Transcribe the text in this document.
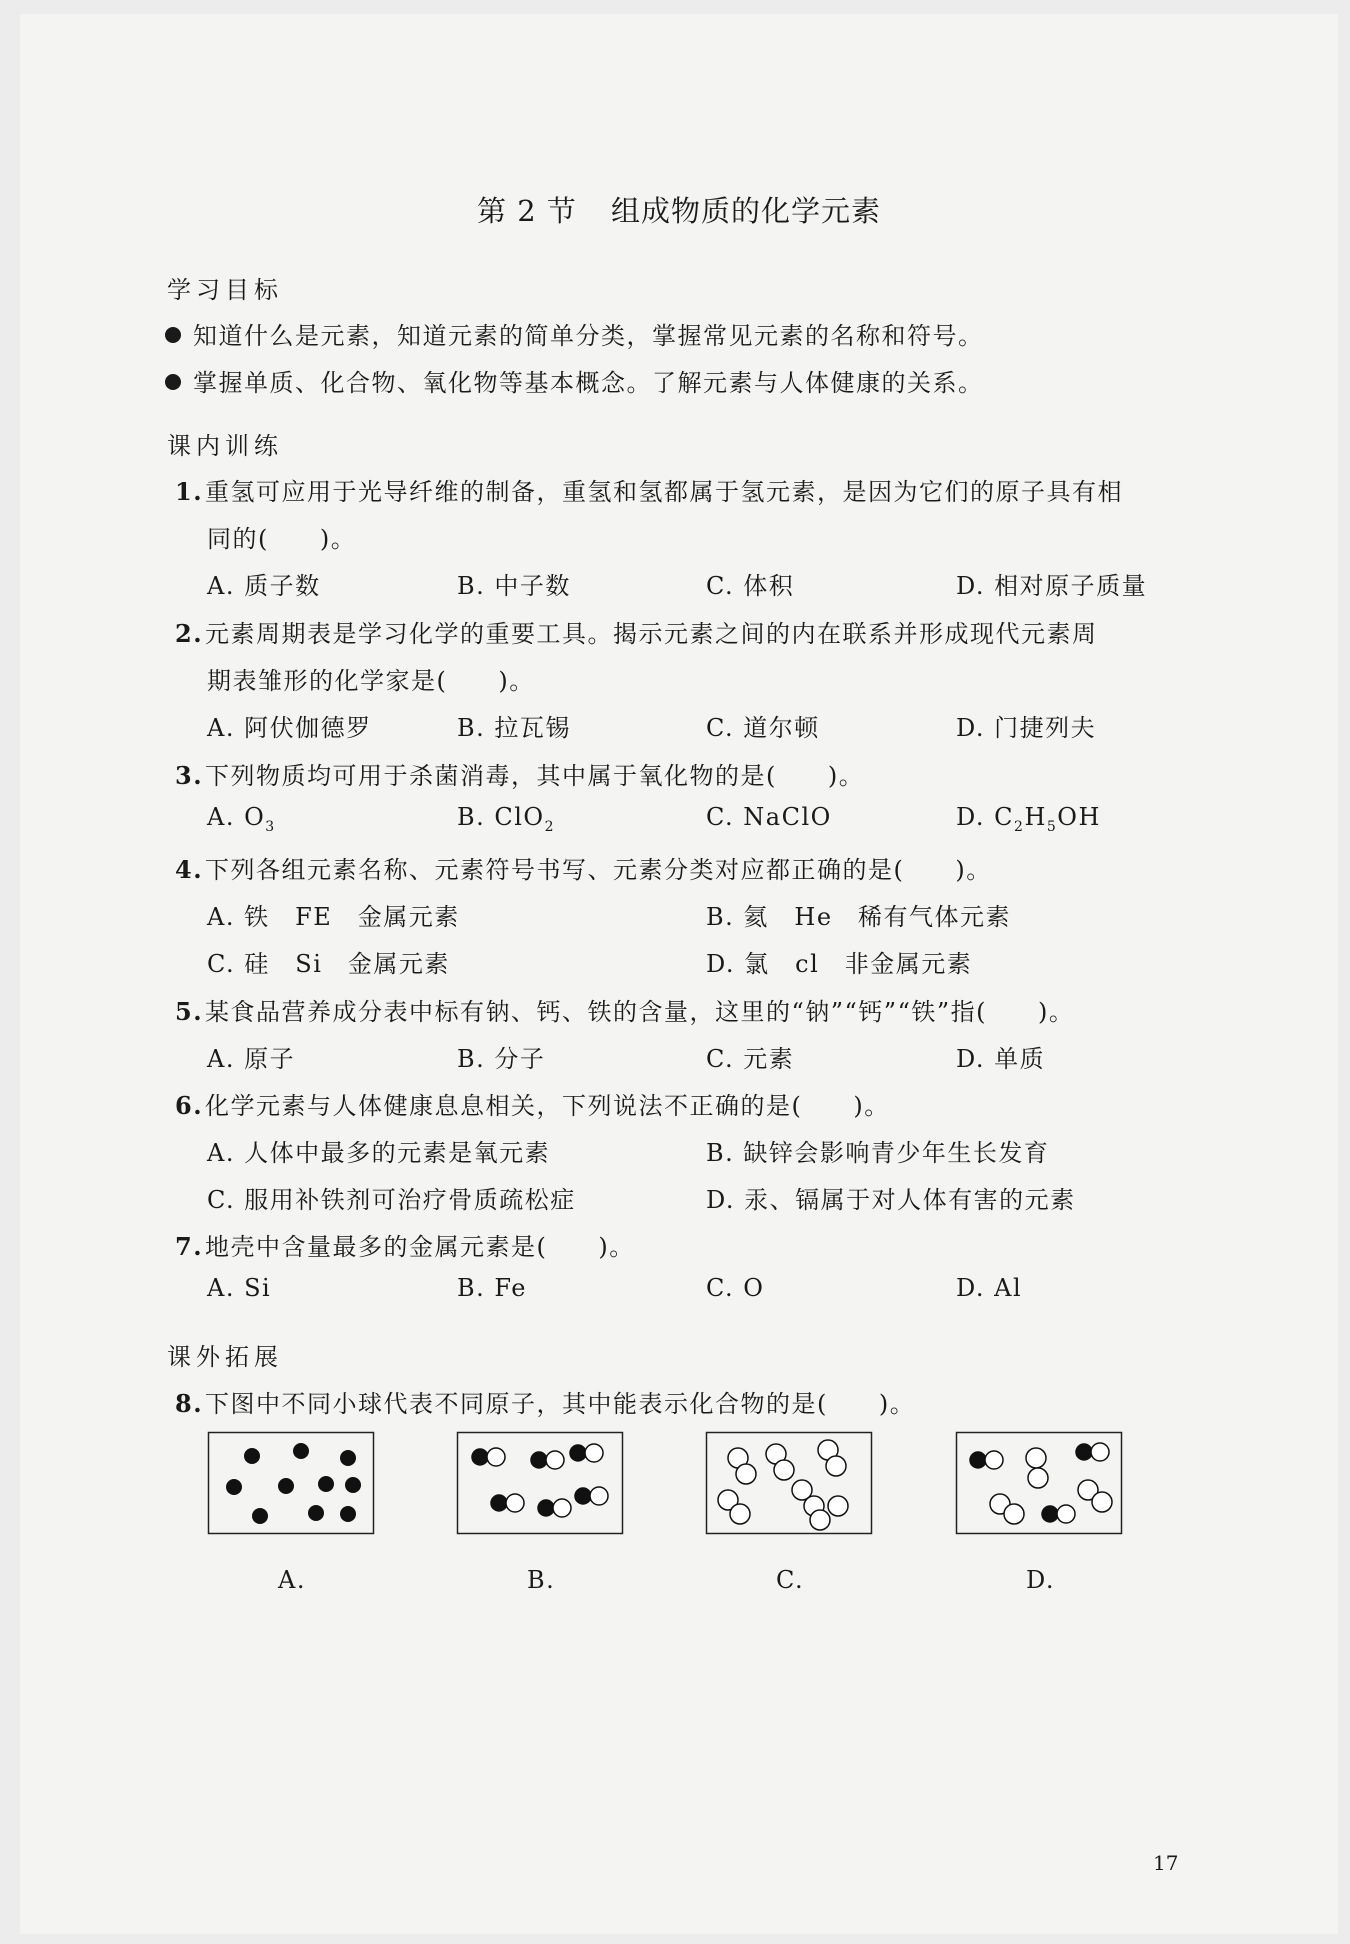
第 2 节 组成物质的化学元素
学习目标
知道什么是元素，知道元素的简单分类，掌握常见元素的名称和符号。
掌握单质、化合物、氧化物等基本概念。了解元素与人体健康的关系。
课内训练
1.重氢可应用于光导纤维的制备，重氢和氢都属于氢元素，是因为它们的原子具有相
同的(　　)。
A. 质子数	B. 中子数	C. 体积	D. 相对原子质量
2.元素周期表是学习化学的重要工具。揭示元素之间的内在联系并形成现代元素周
期表雏形的化学家是(　　)。
A. 阿伏伽德罗	B. 拉瓦锡	C. 道尔顿	D. 门捷列夫
3.下列物质均可用于杀菌消毒，其中属于氧化物的是(　　)。
A. $O_3$	B. ClO$_2$	C. NaClO	D. $C_2H_5OH$
4.下列各组元素名称、元素符号书写、元素分类对应都正确的是(　　)。
A. 铁　FE　金属元素	B. 氦　He　稀有气体元素
C. 硅　Si　金属元素	D. 氯　cl　非金属元素
5.某食品营养成分表中标有钠、钙、铁的含量，这里的“钠”“钙”“铁”指(　　)。
A. 原子	B. 分子	C. 元素	D. 单质
6.化学元素与人体健康息息相关，下列说法不正确的是(　　)。
A. 人体中最多的元素是氧元素	B. 缺锌会影响青少年生长发育
C. 服用补铁剂可治疗骨质疏松症	D. 汞、镉属于对人体有害的元素
7.地壳中含量最多的金属元素是(　　)。
A. Si	B. Fe	C. O	D. Al
课外拓展
8.下图中不同小球代表不同原子，其中能表示化合物的是(　　)。
A.	B.	C.	D.
17
